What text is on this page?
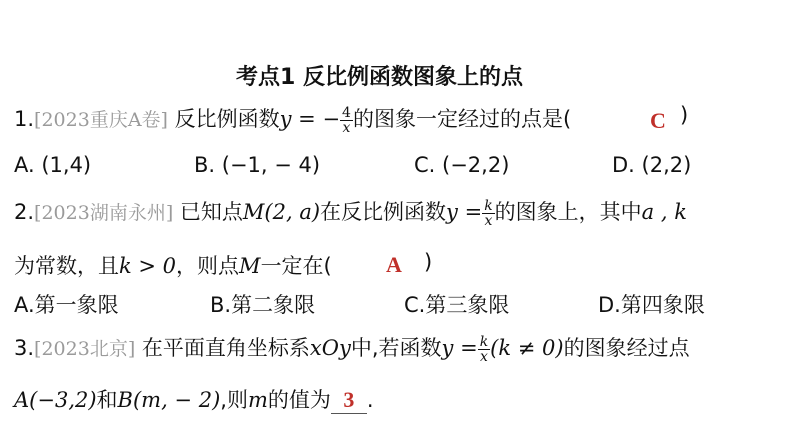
考点1 反比例函数图象上的点
1.[2023重庆A卷] 反比例函数y = − $\frac{4}{x}$ 的图象一定经过的点是(	C )
A. (1,4)	B. (−1, − 4)	C. (−2,2)	D. (2,2)
2.[2023湖南永州] 已知点M(2, a)在反比例函数$y = \frac{k}{x}$ 的图象上，其中a , k
为常数，且k > 0，则点M一定在( A )
A.第一象限	B.第二象限	C.第三象限	D.第四象限
3.[2023北京] 在平面直角坐标系xOy中,若函数$y = \frac{k}{x} (k \ne 0)$的图象经过点
A(−3,2)和B(m, − 2),则m的值为 3 .
